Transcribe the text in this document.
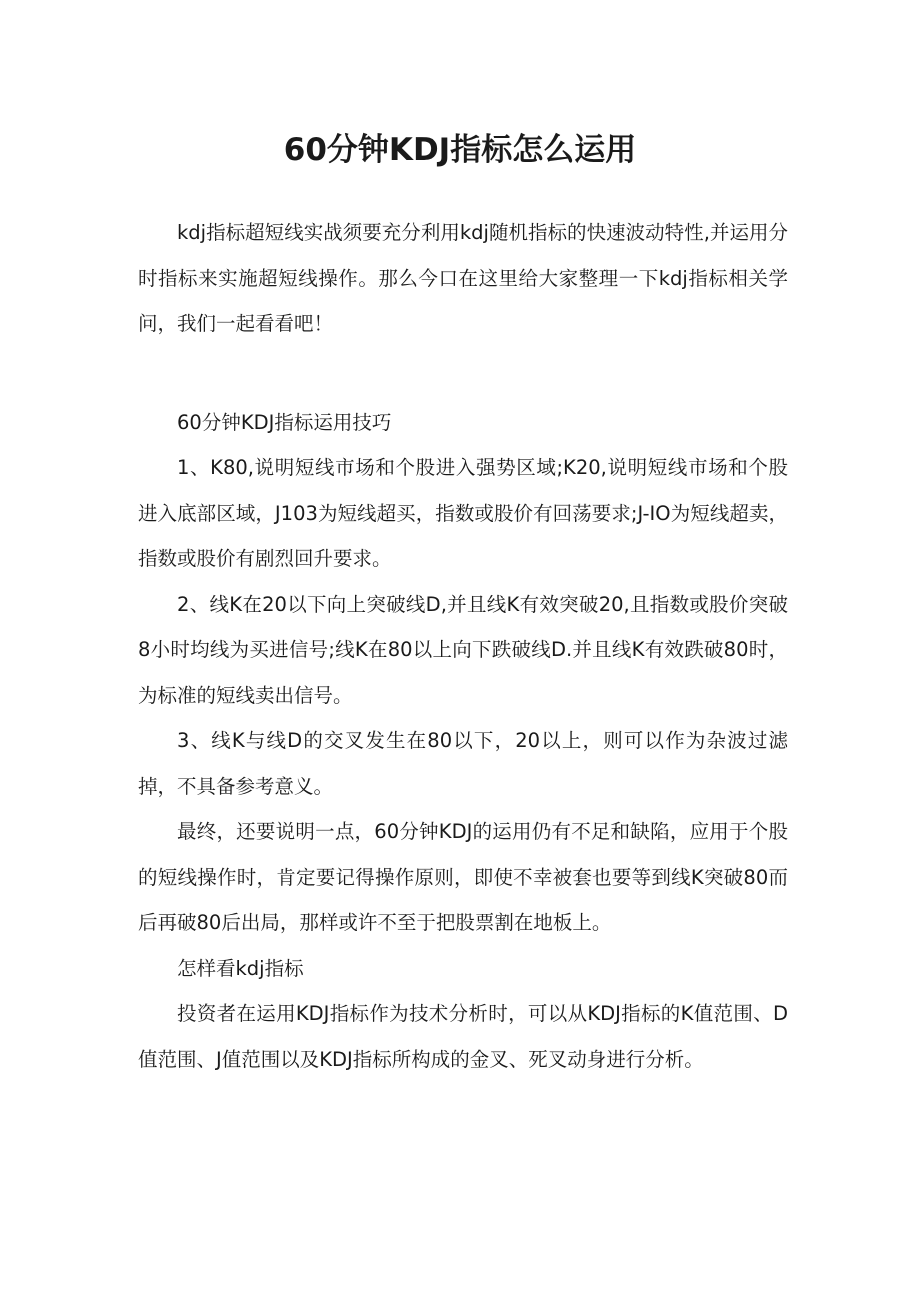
60分钟KDJ指标怎么运用

kdj指标超短线实战须要充分利用kdj随机指标的快速波动特性,并运用分时指标来实施超短线操作。那么今口在这里给大家整理一下kdj指标相关学问，我们一起看看吧！

60分钟KDJ指标运用技巧

1、K80,说明短线市场和个股进入强势区域;K20,说明短线市场和个股进入底部区域，J103为短线超买，指数或股价有回荡要求;J-IO为短线超卖，指数或股价有剧烈回升要求。

2、线K在20以下向上突破线D,并且线K有效突破20,且指数或股价突破8小时均线为买进信号;线K在80以上向下跌破线D.并且线K有效跌破80时，为标准的短线卖出信号。

3、线K与线D的交叉发生在80以下，20以上，则可以作为杂波过滤掉，不具备参考意义。

最终，还要说明一点，60分钟KDJ的运用仍有不足和缺陷，应用于个股的短线操作时，肯定要记得操作原则，即使不幸被套也要等到线K突破80而后再破80后出局，那样或许不至于把股票割在地板上。

怎样看kdj指标

投资者在运用KDJ指标作为技术分析时，可以从KDJ指标的K值范围、D值范围、J值范围以及KDJ指标所构成的金叉、死叉动身进行分析。
